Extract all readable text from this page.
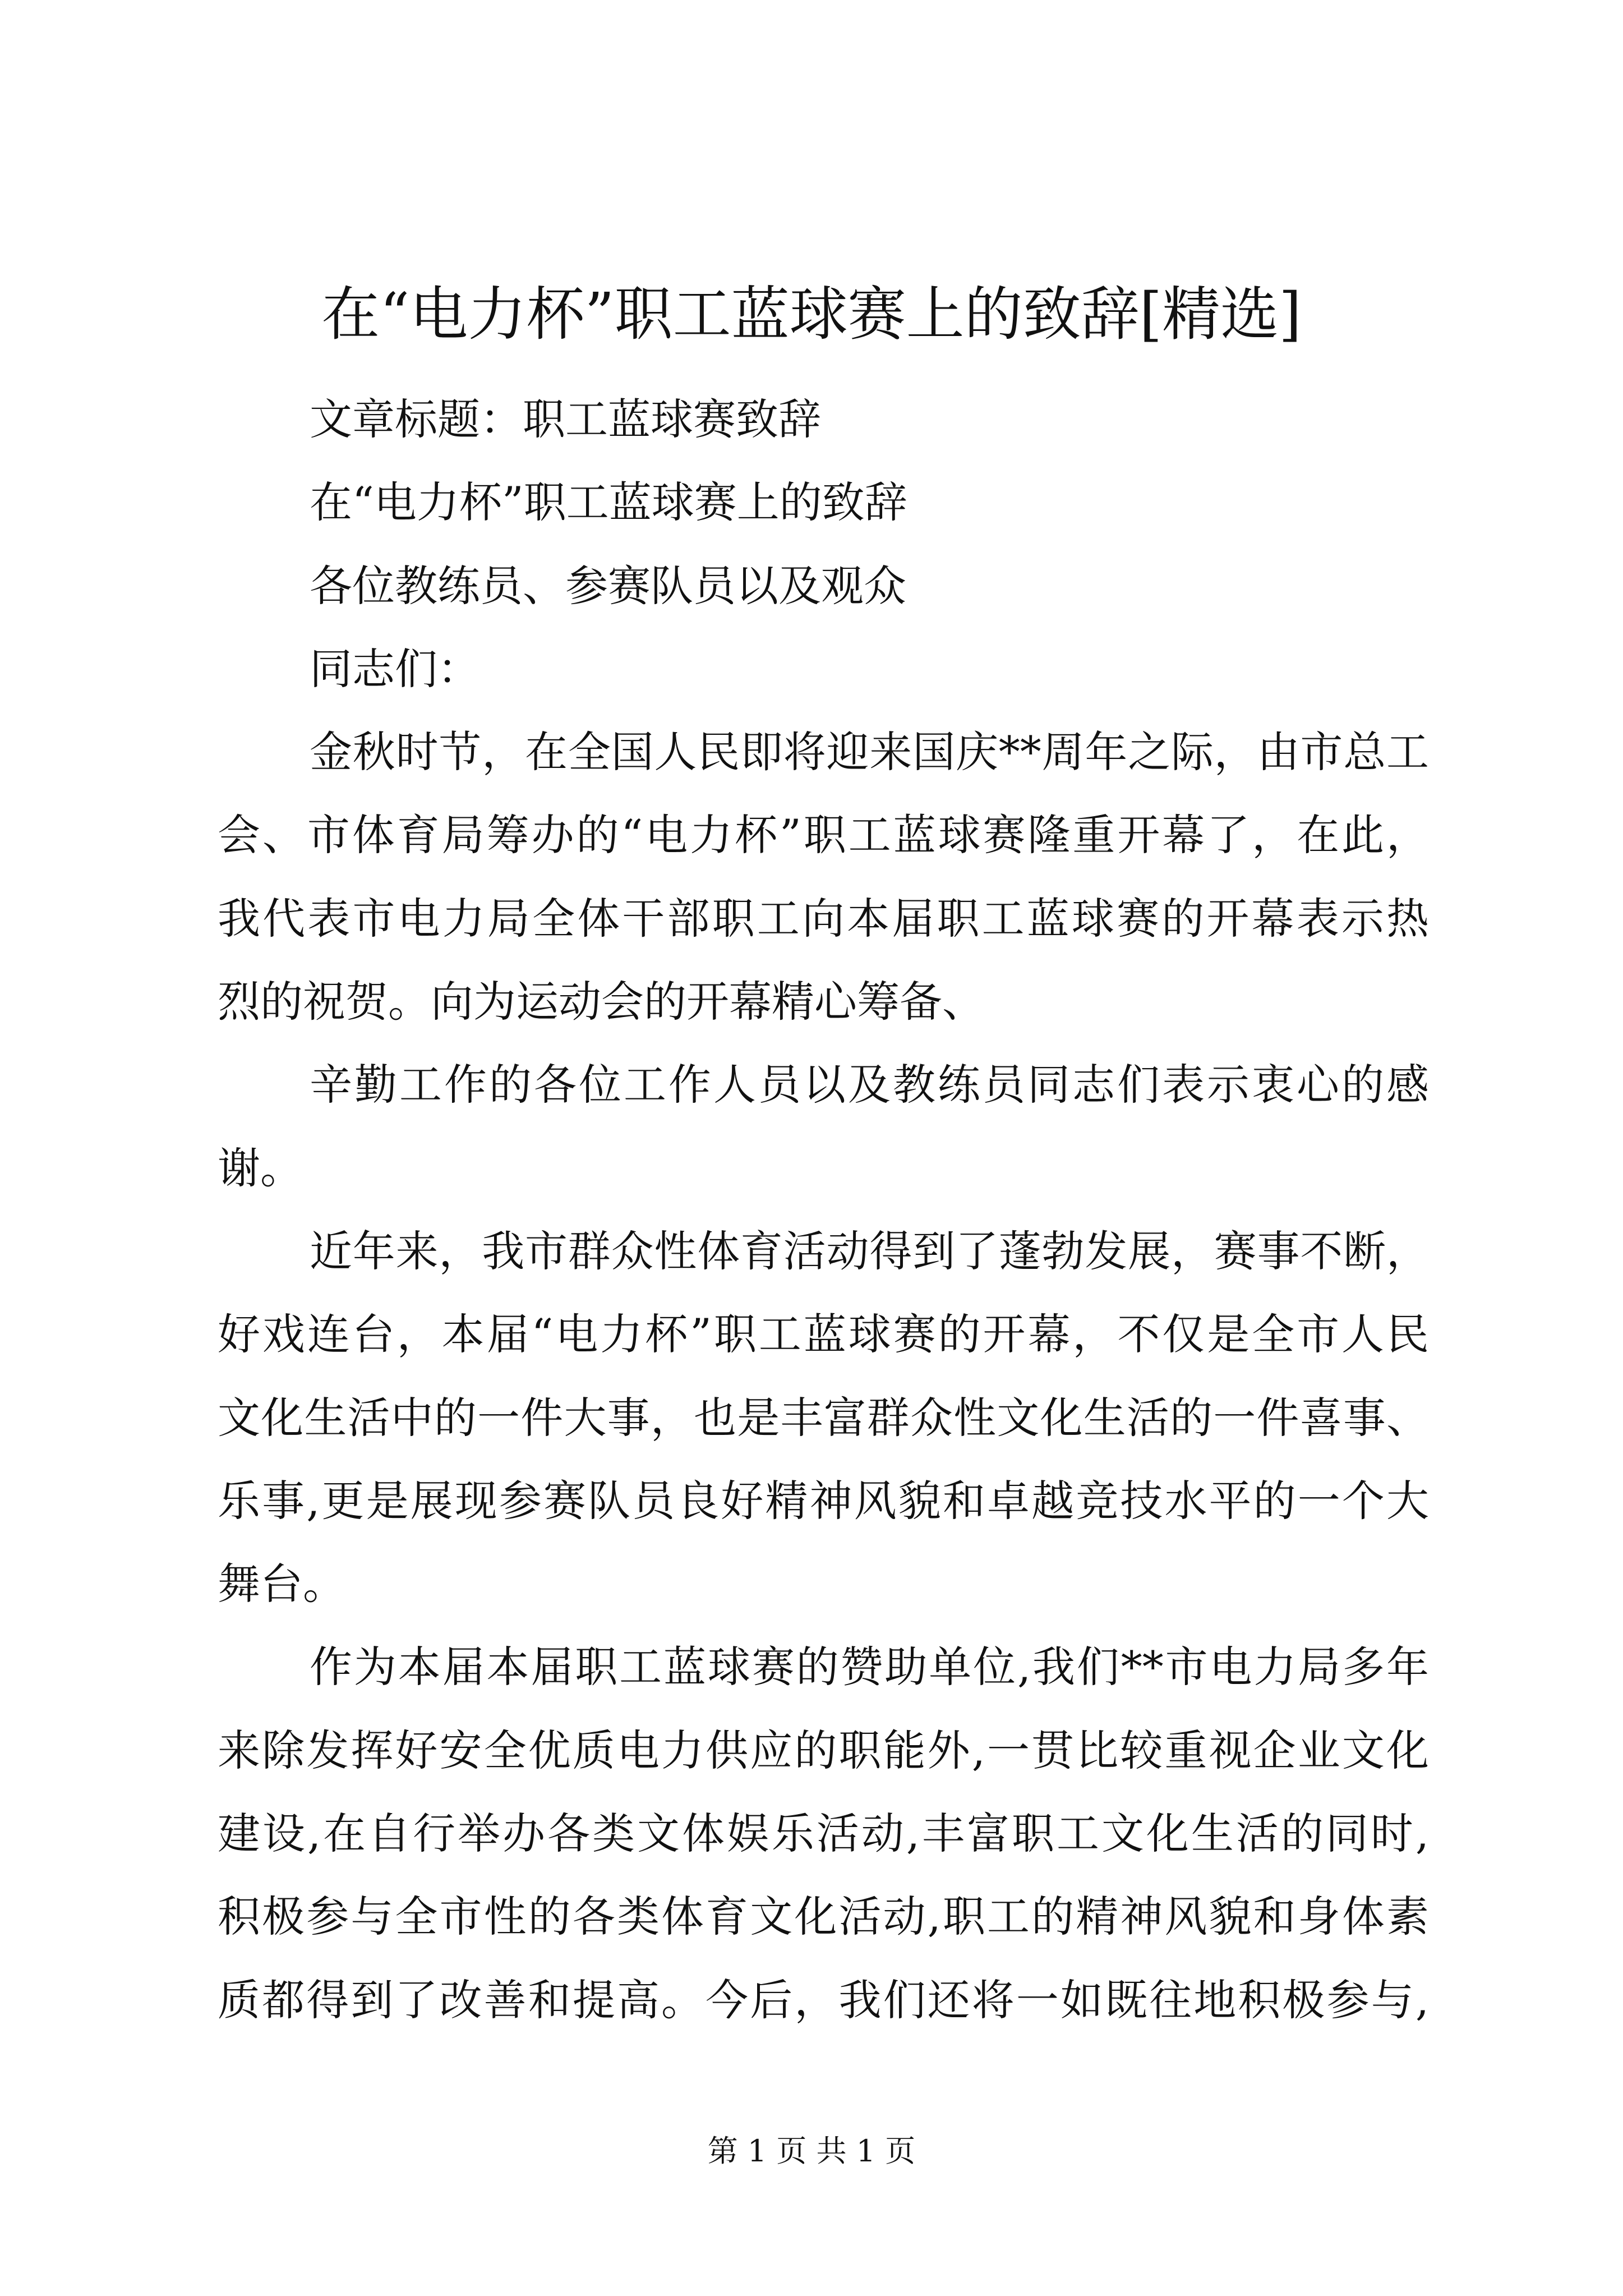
在“电力杯”职工蓝球赛上的致辞[精选]
文章标题：职工蓝球赛致辞
在“电力杯”职工蓝球赛上的致辞
各位教练员、参赛队员以及观众
同志们：
金秋时节，在全国人民即将迎来国庆**周年之际，由市总工
会、市体育局筹办的“电力杯”职工蓝球赛隆重开幕了，在此，
我代表市电力局全体干部职工向本届职工蓝球赛的开幕表示热
烈的祝贺。向为运动会的开幕精心筹备、
辛勤工作的各位工作人员以及教练员同志们表示衷心的感
谢。
近年来，我市群众性体育活动得到了蓬勃发展，赛事不断，
好戏连台，本届“电力杯”职工蓝球赛的开幕，不仅是全市人民
文化生活中的一件大事，也是丰富群众性文化生活的一件喜事、
乐事,更是展现参赛队员良好精神风貌和卓越竞技水平的一个大
舞台。
作为本届本届职工蓝球赛的赞助单位,我们**市电力局多年
来除发挥好安全优质电力供应的职能外,一贯比较重视企业文化
建设,在自行举办各类文体娱乐活动,丰富职工文化生活的同时,
积极参与全市性的各类体育文化活动,职工的精神风貌和身体素
质都得到了改善和提高。今后，我们还将一如既往地积极参与,
第 1 页 共 1 页
